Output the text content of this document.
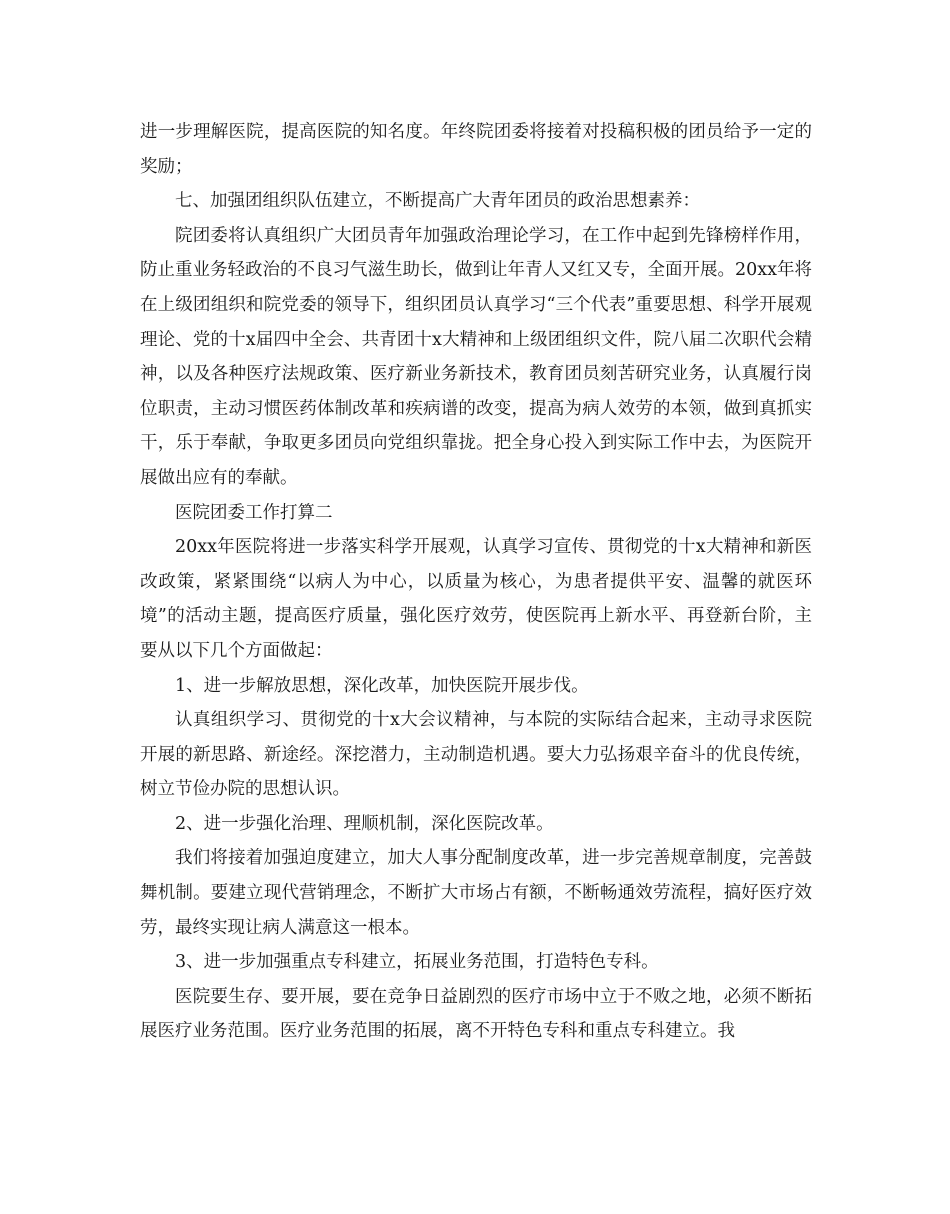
进一步理解医院，提高医院的知名度。年终院团委将接着对投稿积极的团员给予一定的奖励；

七、加强团组织队伍建立，不断提高广大青年团员的政治思想素养：

院团委将认真组织广大团员青年加强政治理论学习，在工作中起到先锋榜样作用，防止重业务轻政治的不良习气滋生助长，做到让年青人又红又专，全面开展。20xx年将在上级团组织和院党委的领导下，组织团员认真学习“三个代表”重要思想、科学开展观理论、党的十x届四中全会、共青团十x大精神和上级团组织文件，院八届二次职代会精神，以及各种医疗法规政策、医疗新业务新技术，教育团员刻苦研究业务，认真履行岗位职责，主动习惯医药体制改革和疾病谱的改变，提高为病人效劳的本领，做到真抓实干，乐于奉献，争取更多团员向党组织靠拢。把全身心投入到实际工作中去，为医院开展做出应有的奉献。

医院团委工作打算二

20xx年医院将进一步落实科学开展观，认真学习宣传、贯彻党的十x大精神和新医改政策，紧紧围绕“以病人为中心，以质量为核心，为患者提供平安、温馨的就医环境”的活动主题，提高医疗质量，强化医疗效劳，使医院再上新水平、再登新台阶，主要从以下几个方面做起：

1、进一步解放思想，深化改革，加快医院开展步伐。

认真组织学习、贯彻党的十x大会议精神，与本院的实际结合起来，主动寻求医院开展的新思路、新途经。深挖潜力，主动制造机遇。要大力弘扬艰辛奋斗的优良传统，树立节俭办院的思想认识。

2、进一步强化治理、理顺机制，深化医院改革。

我们将接着加强迫度建立，加大人事分配制度改革，进一步完善规章制度，完善鼓舞机制。要建立现代营销理念，不断扩大市场占有额，不断畅通效劳流程，搞好医疗效劳，最终实现让病人满意这一根本。

3、进一步加强重点专科建立，拓展业务范围，打造特色专科。

医院要生存、要开展，要在竞争日益剧烈的医疗市场中立于不败之地，必须不断拓展医疗业务范围。医疗业务范围的拓展，离不开特色专科和重点专科建立。我
